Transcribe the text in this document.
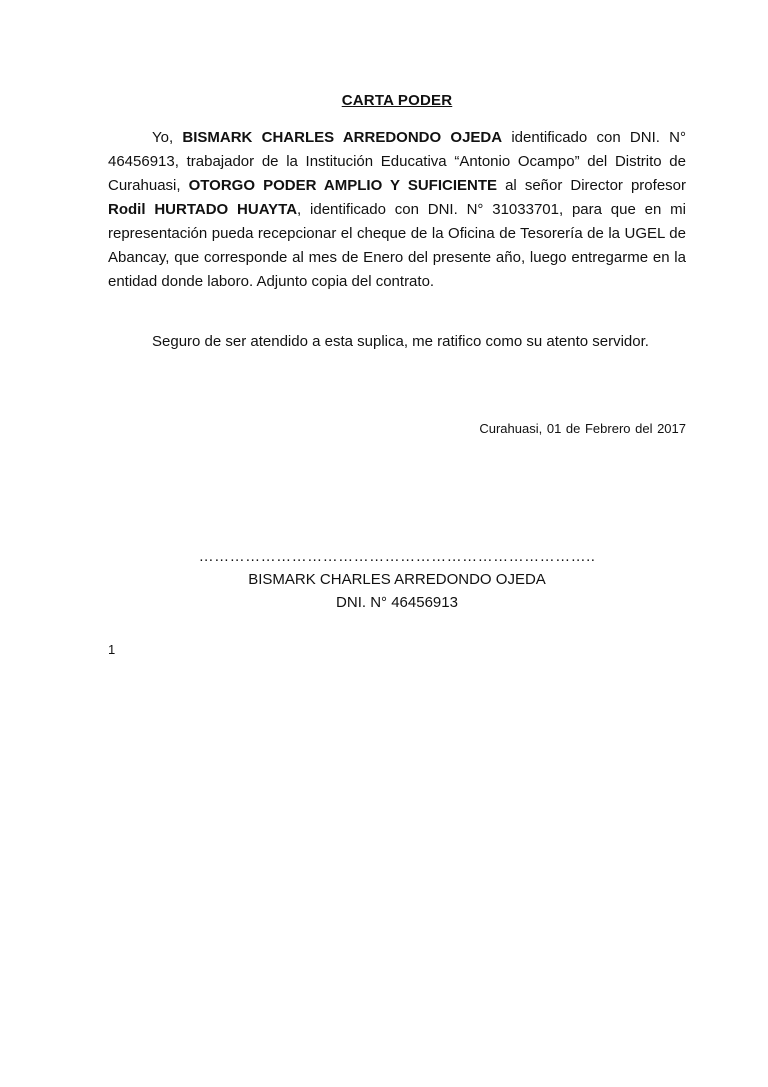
CARTA PODER
Yo, BISMARK CHARLES ARREDONDO OJEDA identificado con DNI. N° 46456913, trabajador de la Institución Educativa “Antonio Ocampo” del Distrito de Curahuasi, OTORGO PODER AMPLIO Y SUFICIENTE al señor Director profesor Rodil HURTADO HUAYTA, identificado con DNI. N° 31033701, para que en mi representación pueda recepcionar el cheque de la Oficina de Tesorería de la UGEL de Abancay, que corresponde al mes de Enero del presente año, luego entregarme en la entidad donde laboro. Adjunto copia del contrato.
Seguro de ser atendido a esta suplica, me ratifico como su atento servidor.
Curahuasi, 01 de Febrero del 2017
…………………………………………………………………..
BISMARK CHARLES ARREDONDO OJEDA
DNI. N° 46456913
1
